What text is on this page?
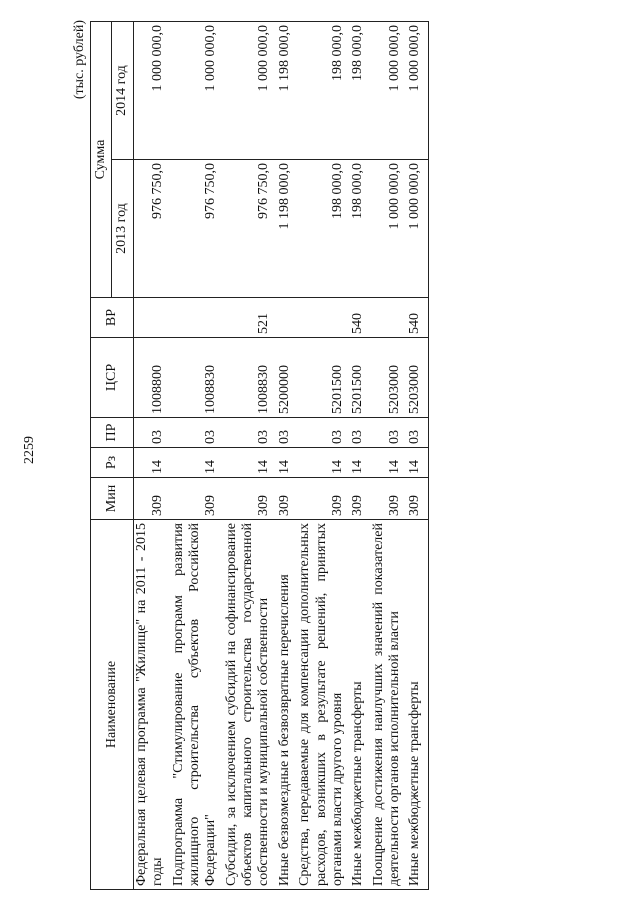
2259
(тыс. рублей)
Наименование	Мин	Рз	ПР	ЦСР	ВР	Сумма	
						2013 год	2014 год
Федеральная целевая программа "Жилище" на 2011 - 2015 годы	309	14	03	1008800		976 750,0	1 000 000,0
Подпрограмма "Стимулирование программ развития жилищного строительства субъектов Российской Федерации"	309	14	03	1008830		976 750,0	1 000 000,0
Субсидии, за исключением субсидий на софинансирование объектов капитального строительства государственной собственности и муниципальной собственности	309	14	03	1008830	521	976 750,0	1 000 000,0
Иные безвозмездные и безвозвратные перечисления	309	14	03	5200000		1 198 000,0	1 198 000,0
Средства, передаваемые для компенсации дополнительных расходов, возникших в результате решений, принятых органами власти другого уровня	309	14	03	5201500		198 000,0	198 000,0
Иные межбюджетные трансферты	309	14	03	5201500	540	198 000,0	198 000,0
Поощрение достижения наилучших значений показателей деятельности органов исполнительной власти	309	14	03	5203000		1 000 000,0	1 000 000,0
Иные межбюджетные трансферты	309	14	03	5203000	540	1 000 000,0	1 000 000,0
